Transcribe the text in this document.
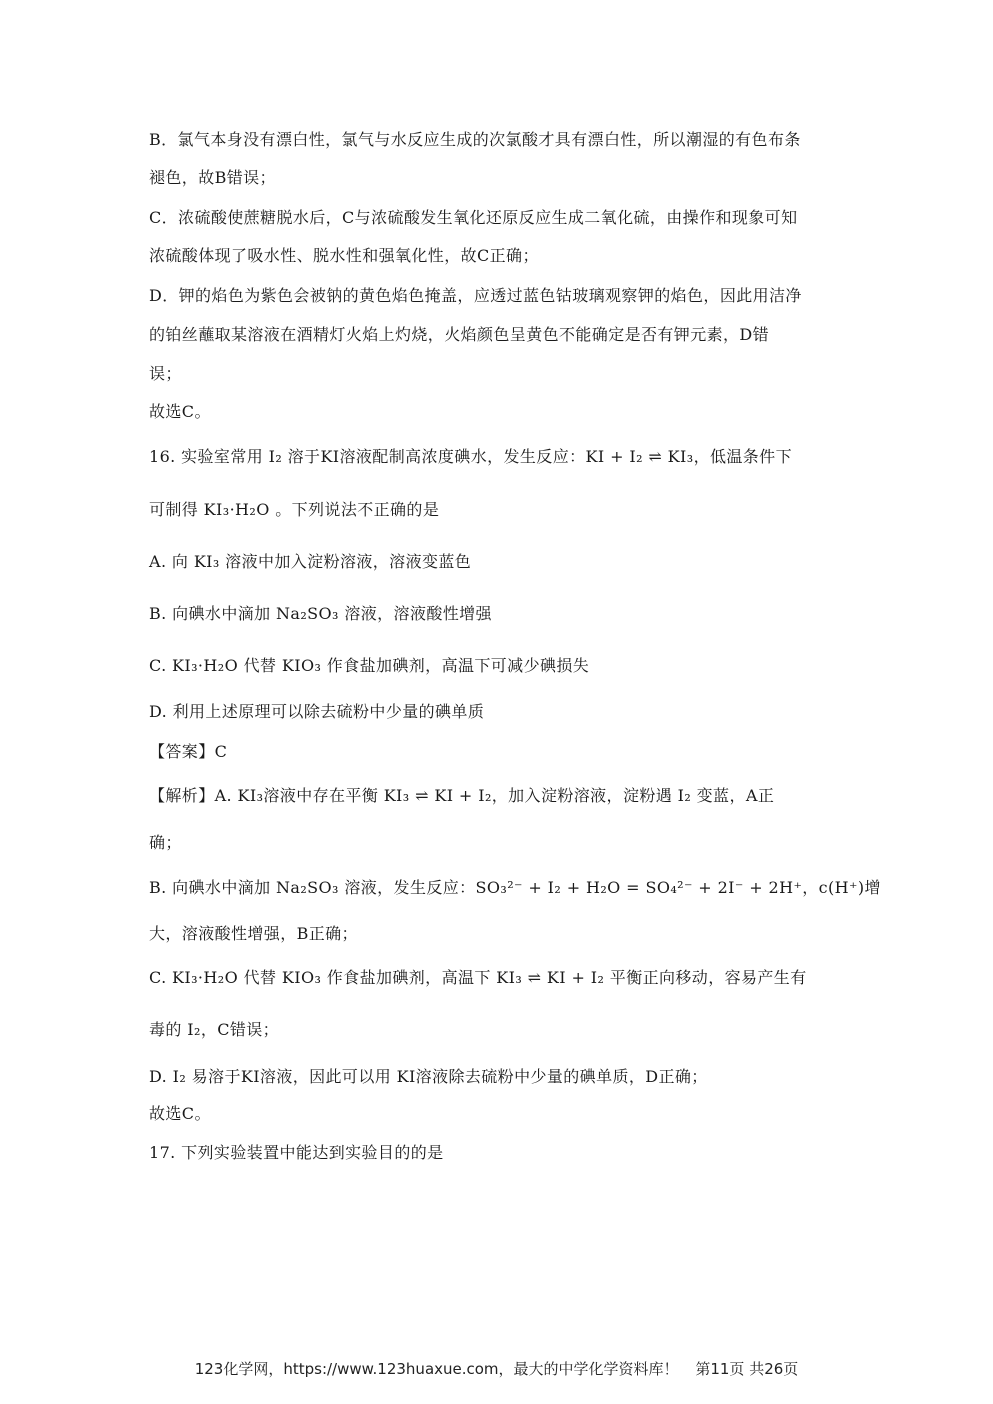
B．氯气本身没有漂白性，氯气与水反应生成的次氯酸才具有漂白性，所以潮湿的有色布条
褪色，故B错误；
C．浓硫酸使蔗糖脱水后，C与浓硫酸发生氧化还原反应生成二氧化硫，由操作和现象可知
浓硫酸体现了吸水性、脱水性和强氧化性，故C正确；
D．钾的焰色为紫色会被钠的黄色焰色掩盖，应透过蓝色钴玻璃观察钾的焰色，因此用洁净
的铂丝蘸取某溶液在酒精灯火焰上灼烧，火焰颜色呈黄色不能确定是否有钾元素，D错
误；
故选C。
16. 实验室常用 I₂ 溶于KI溶液配制高浓度碘水，发生反应：KI + I₂ ⇌ KI₃，低温条件下
可制得 KI₃·H₂O 。下列说法不正确的是
A. 向 KI₃ 溶液中加入淀粉溶液，溶液变蓝色
B. 向碘水中滴加 Na₂SO₃ 溶液，溶液酸性增强
C. KI₃·H₂O 代替 KIO₃ 作食盐加碘剂，高温下可减少碘损失
D. 利用上述原理可以除去硫粉中少量的碘单质
【答案】C
【解析】A. KI₃溶液中存在平衡 KI₃ ⇌ KI + I₂，加入淀粉溶液，淀粉遇 I₂ 变蓝，A正
确；
B. 向碘水中滴加 Na₂SO₃ 溶液，发生反应：SO₃²⁻ + I₂ + H₂O = SO₄²⁻ + 2I⁻ + 2H⁺，c(H⁺)增
大，溶液酸性增强，B正确；
C. KI₃·H₂O 代替 KIO₃ 作食盐加碘剂，高温下 KI₃ ⇌ KI + I₂ 平衡正向移动，容易产生有
毒的 I₂，C错误；
D. I₂ 易溶于KI溶液，因此可以用 KI溶液除去硫粉中少量的碘单质，D正确；
故选C。
17. 下列实验装置中能达到实验目的的是
123化学网，https://www.123huaxue.com，最大的中学化学资料库！ 第11页 共26页
